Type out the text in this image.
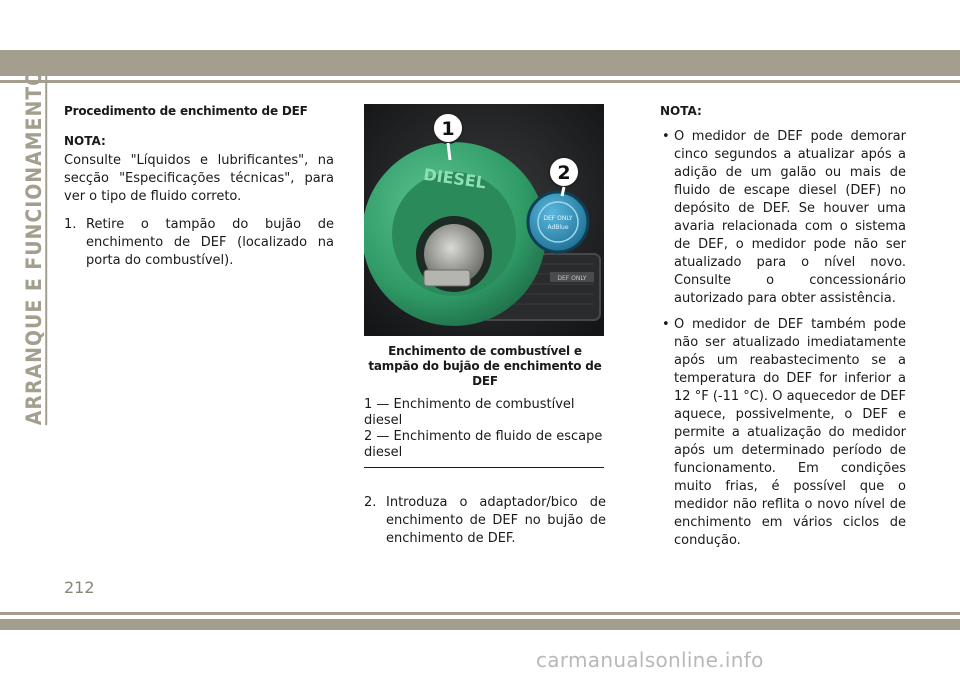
ARRANQUE E FUNCIONAMENTO Procedimento de enchimento de DEF

NOTA:

Consulte "Líquidos e lubrificantes", na secção "Especificações técnicas", para ver o tipo de fluido correto.

1. Retire o tampão do bujão de enchimento de DEF (localizado na porta do combustível).
DEF ONLY
DIESEL
DEF ONLY
AdBlue
1
2

Enchimento de combustível e tampão do bujão de enchimento de DEF

1 — Enchimento de combustível diesel

2 — Enchimento de fluido de escape diesel

2. Introduza o adaptador/bico de enchimento de DEF no bujão de enchimento de DEF.

NOTA:

• O medidor de DEF pode demorar cinco segundos a atualizar após a adição de um galão ou mais de fluido de escape diesel (DEF) no depósito de DEF. Se houver uma avaria relacionada com o sistema de DEF, o medidor pode não ser atualizado para o nível novo. Consulte o concessionário autorizado para obter assistência.
• O medidor de DEF também pode não ser atualizado imediatamente após um reabastecimento se a temperatura do DEF for inferior a 12 °F (-11 °C). O aquecedor de DEF aquece, possivelmente, o DEF e permite a atualização do medidor após um determinado período de funcionamento. Em condições muito frias, é possível que o medidor não reflita o novo nível de enchimento em vários ciclos de condução.
212
carmanualsonline.info
